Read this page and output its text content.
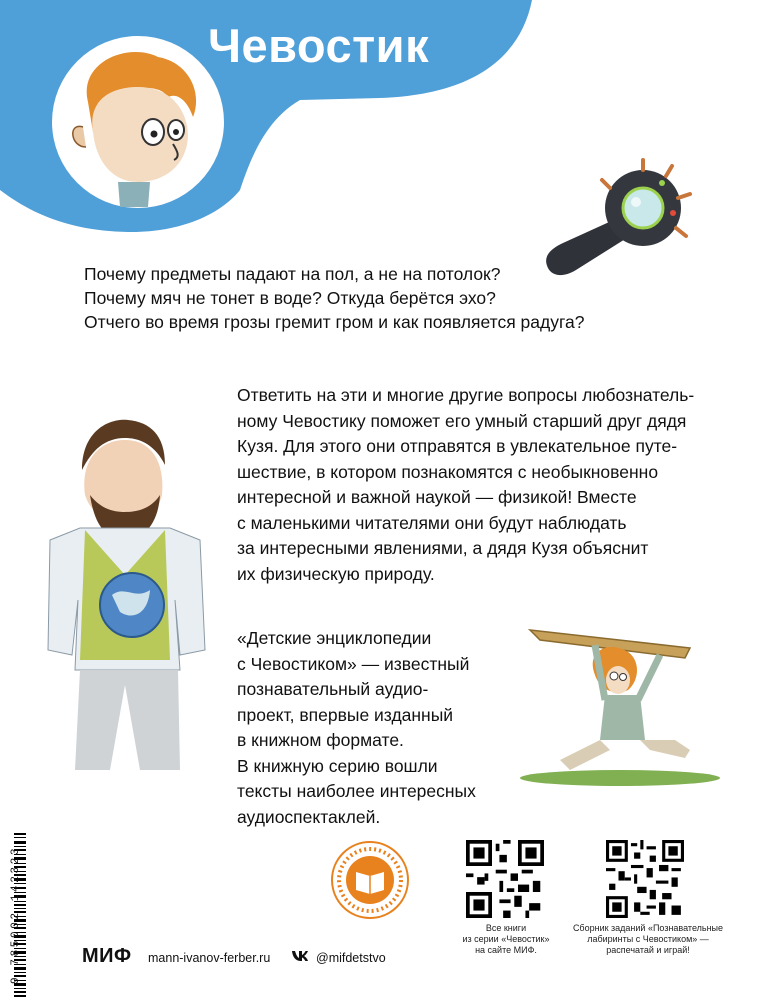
Чевостик
Почему предметы падают на пол, а не на потолок?
Почему мяч не тонет в воде? Откуда берётся эхо?
Отчего во время грозы гремит гром и как появляется радуга?
Ответить на эти и многие другие вопросы любознатель-
ному Чевостику поможет его умный старший друг дядя
Кузя. Для этого они отправятся в увлекательное путе-
шествие, в котором познакомятся с необыкновенно
интересной и важной наукой — физикой! Вместе
с маленькими читателями они будут наблюдать
за интересными явлениями, а дядя Кузя объяснит
их физическую природу.
«Детские энциклопедии
с Чевостиком» — известный
познавательный аудио-
проект, впервые изданный
в книжном формате.
В книжную серию вошли
тексты наиболее интересных
аудиоспектаклей.
9 785002 142323	Все книги
из серии «Чевостик»
на сайте МИФ.
Сборник заданий «Познавательные
лабиринты с Чевостиком» —
распечатай и играй!
МИФ mann-ivanov-ferber.ru	@mifdetstvo
